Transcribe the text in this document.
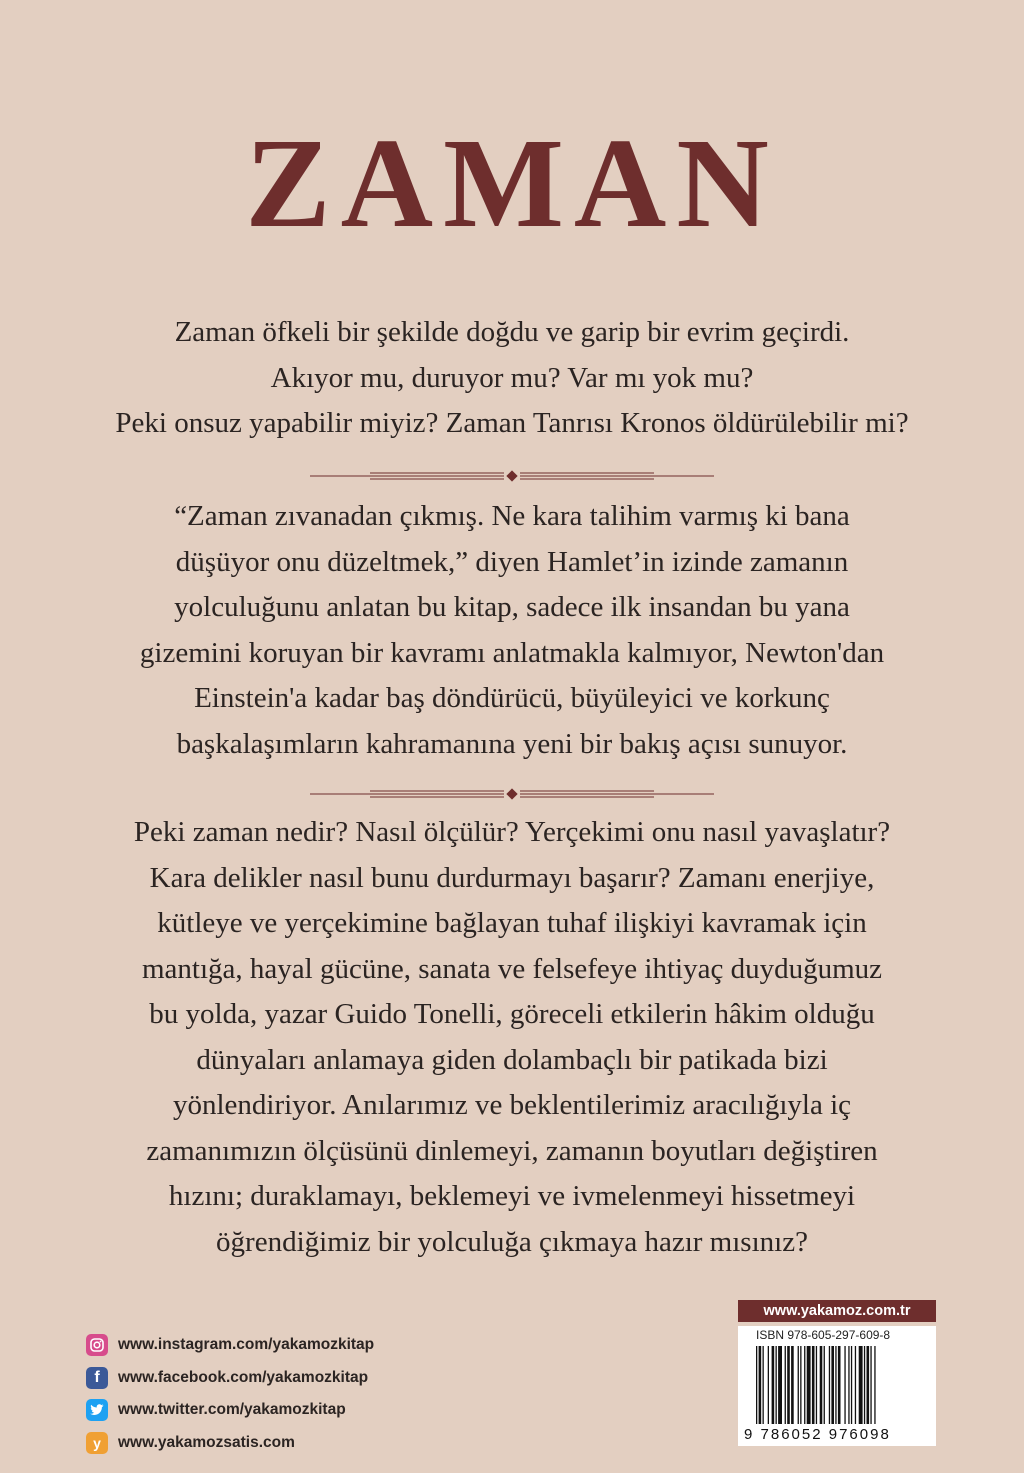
ZAMAN
Zaman öfkeli bir şekilde doğdu ve garip bir evrim geçirdi.
Akıyor mu, duruyor mu? Var mı yok mu?
Peki onsuz yapabilir miyiz? Zaman Tanrısı Kronos öldürülebilir mi?
“Zaman zıvanadan çıkmış. Ne kara talihim varmış ki bana
düşüyor onu düzeltmek,” diyen Hamlet’in izinde zamanın
yolculuğunu anlatan bu kitap, sadece ilk insandan bu yana
gizemini koruyan bir kavramı anlatmakla kalmıyor, Newton'dan
Einstein'a kadar baş döndürücü, büyüleyici ve korkunç
başkalaşımların kahramanına yeni bir bakış açısı sunuyor.
Peki zaman nedir? Nasıl ölçülür? Yerçekimi onu nasıl yavaşlatır?
Kara delikler nasıl bunu durdurmayı başarır? Zamanı enerjiye,
kütleye ve yerçekimine bağlayan tuhaf ilişkiyi kavramak için
mantığa, hayal gücüne, sanata ve felsefeye ihtiyaç duyduğumuz
bu yolda, yazar Guido Tonelli, göreceli etkilerin hâkim olduğu
dünyaları anlamaya giden dolambaçlı bir patikada bizi
yönlendiriyor. Anılarımız ve beklentilerimiz aracılığıyla iç
zamanımızın ölçüsünü dinlemeyi, zamanın boyutları değiştiren
hızını; duraklamayı, beklemeyi ve ivmelenmeyi hissetmeyi
öğrendiğimiz bir yolculuğa çıkmaya hazır mısınız?
www.instagram.com/yakamozkitap
f	www.facebook.com/yakamozkitap
www.twitter.com/yakamozkitap
y	www.yakamozsatis.com
www.yakamoz.com.tr
ISBN 978-605-297-609-8
9 786052 976098
